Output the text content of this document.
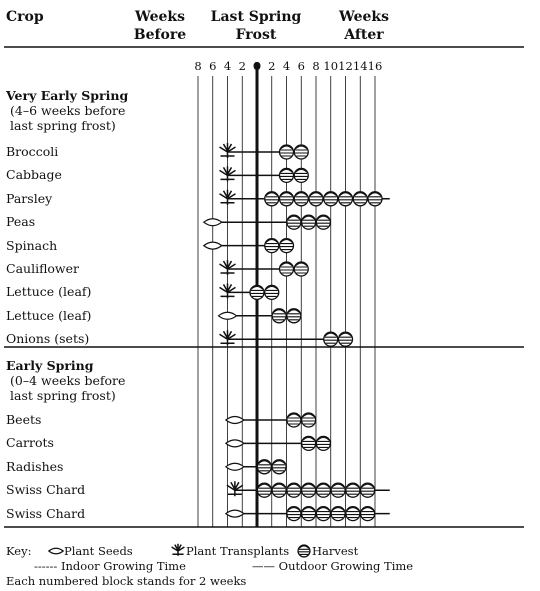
Crop	Weeks
Before
Last Spring
Frost
Weeks
After
8 6 4 2 0 2 4 6 8 10 12 14 16
Very Early Spring
(4–6 weeks before
last spring frost)
Broccoli
Cabbage
Parsley
Peas
Spinach
Cauliflower
Lettuce (leaf)
Lettuce (leaf)
Onions (sets)
Early Spring
(0–4 weeks before
last spring frost)
Beets
Carrots
Radishes
Swiss Chard
Swiss Chard
Key:	Plant Seeds	Plant Transplants Harvest
------ Indoor Growing Time	—— Outdoor Growing Time
Each numbered block stands for 2 weeks
